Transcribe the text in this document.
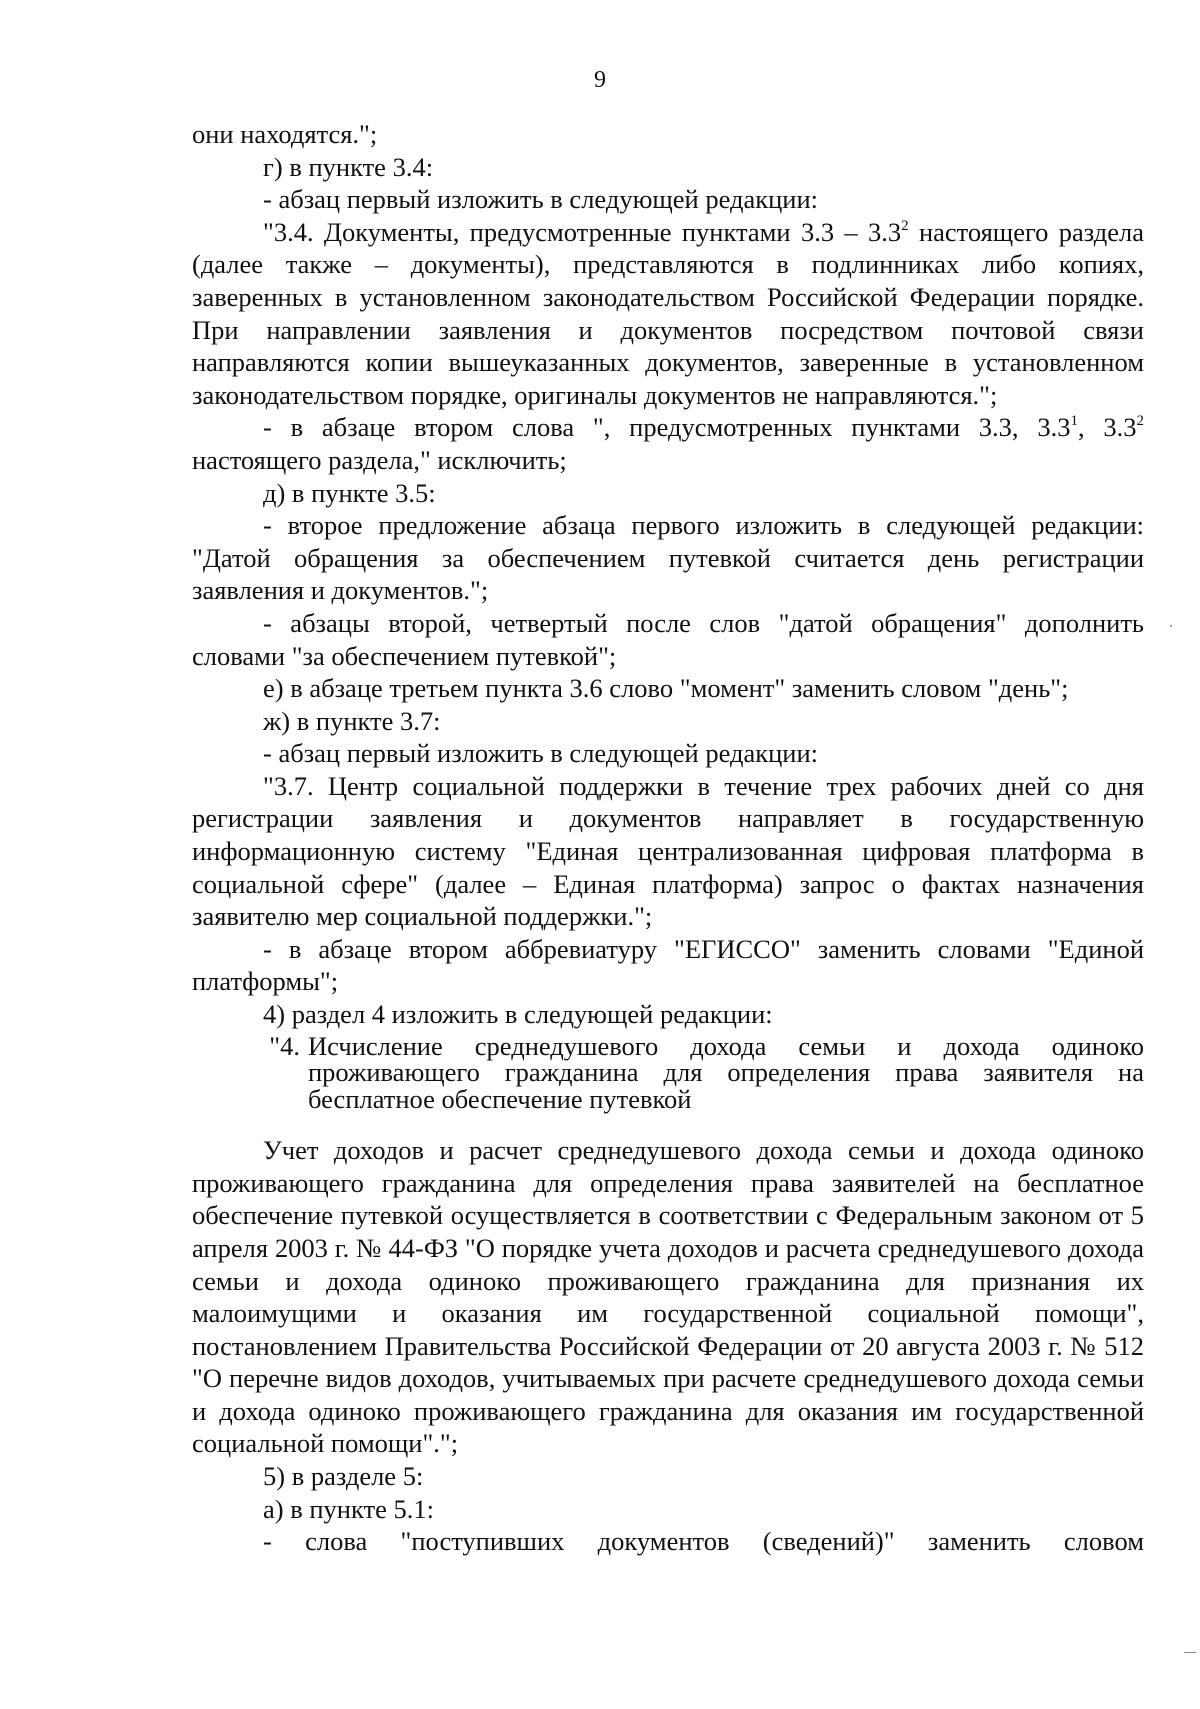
9

они находятся.";

г) в пункте 3.4:

- абзац первый изложить в следующей редакции:

"3.4. Документы, предусмотренные пунктами $3.3 - 3.3^2$ настоящего раздела (далее также – документы), представляются в подлинниках либо копиях, заверенных в установленном законодательством Российской Федерации порядке. При направлении заявления и документов посредством почтовой связи направляются копии вышеуказанных документов, заверенные в установленном законодательством порядке, оригиналы документов не направляются.";

- в абзаце втором слова ", предусмотренных пунктами 3.3, $3.3^1$, $3.3^2$ настоящего раздела," исключить;

д) в пункте 3.5:

- второе предложение абзаца первого изложить в следующей редакции: "Датой обращения за обеспечением путевкой считается день регистрации заявления и документов.";

- абзацы второй, четвертый после слов "датой обращения" дополнить словами "за обеспечением путевкой";

е) в абзаце третьем пункта 3.6 слово "момент" заменить словом "день";

ж) в пункте 3.7:

- абзац первый изложить в следующей редакции:

"3.7. Центр социальной поддержки в течение трех рабочих дней со дня регистрации заявления и документов направляет в государственную информационную систему "Единая централизованная цифровая платформа в социальной сфере" (далее – Единая платформа) запрос о фактах назначения заявителю мер социальной поддержки.";

- в абзаце втором аббревиатуру "ЕГИССО" заменить словами "Единой платформы";

4) раздел 4 изложить в следующей редакции:

"4. Исчисление среднедушевого дохода семьи и дохода одиноко проживающего гражданина для определения права заявителя на бесплатное обеспечение путевкой

Учет доходов и расчет среднедушевого дохода семьи и дохода одиноко проживающего гражданина для определения права заявителей на бесплатное обеспечение путевкой осуществляется в соответствии с Федеральным законом от 5 апреля 2003 г. № 44-ФЗ "О порядке учета доходов и расчета среднедушевого дохода семьи и дохода одиноко проживающего гражданина для признания их малоимущими и оказания им государственной социальной помощи", постановлением Правительства Российской Федерации от 20 августа 2003 г. № 512 "О перечне видов доходов, учитываемых при расчете среднедушевого дохода семьи и дохода одиноко проживающего гражданина для оказания им государственной социальной помощи".";

5) в разделе 5:

а) в пункте 5.1:

- слова "поступивших документов (сведений)" заменить словом
